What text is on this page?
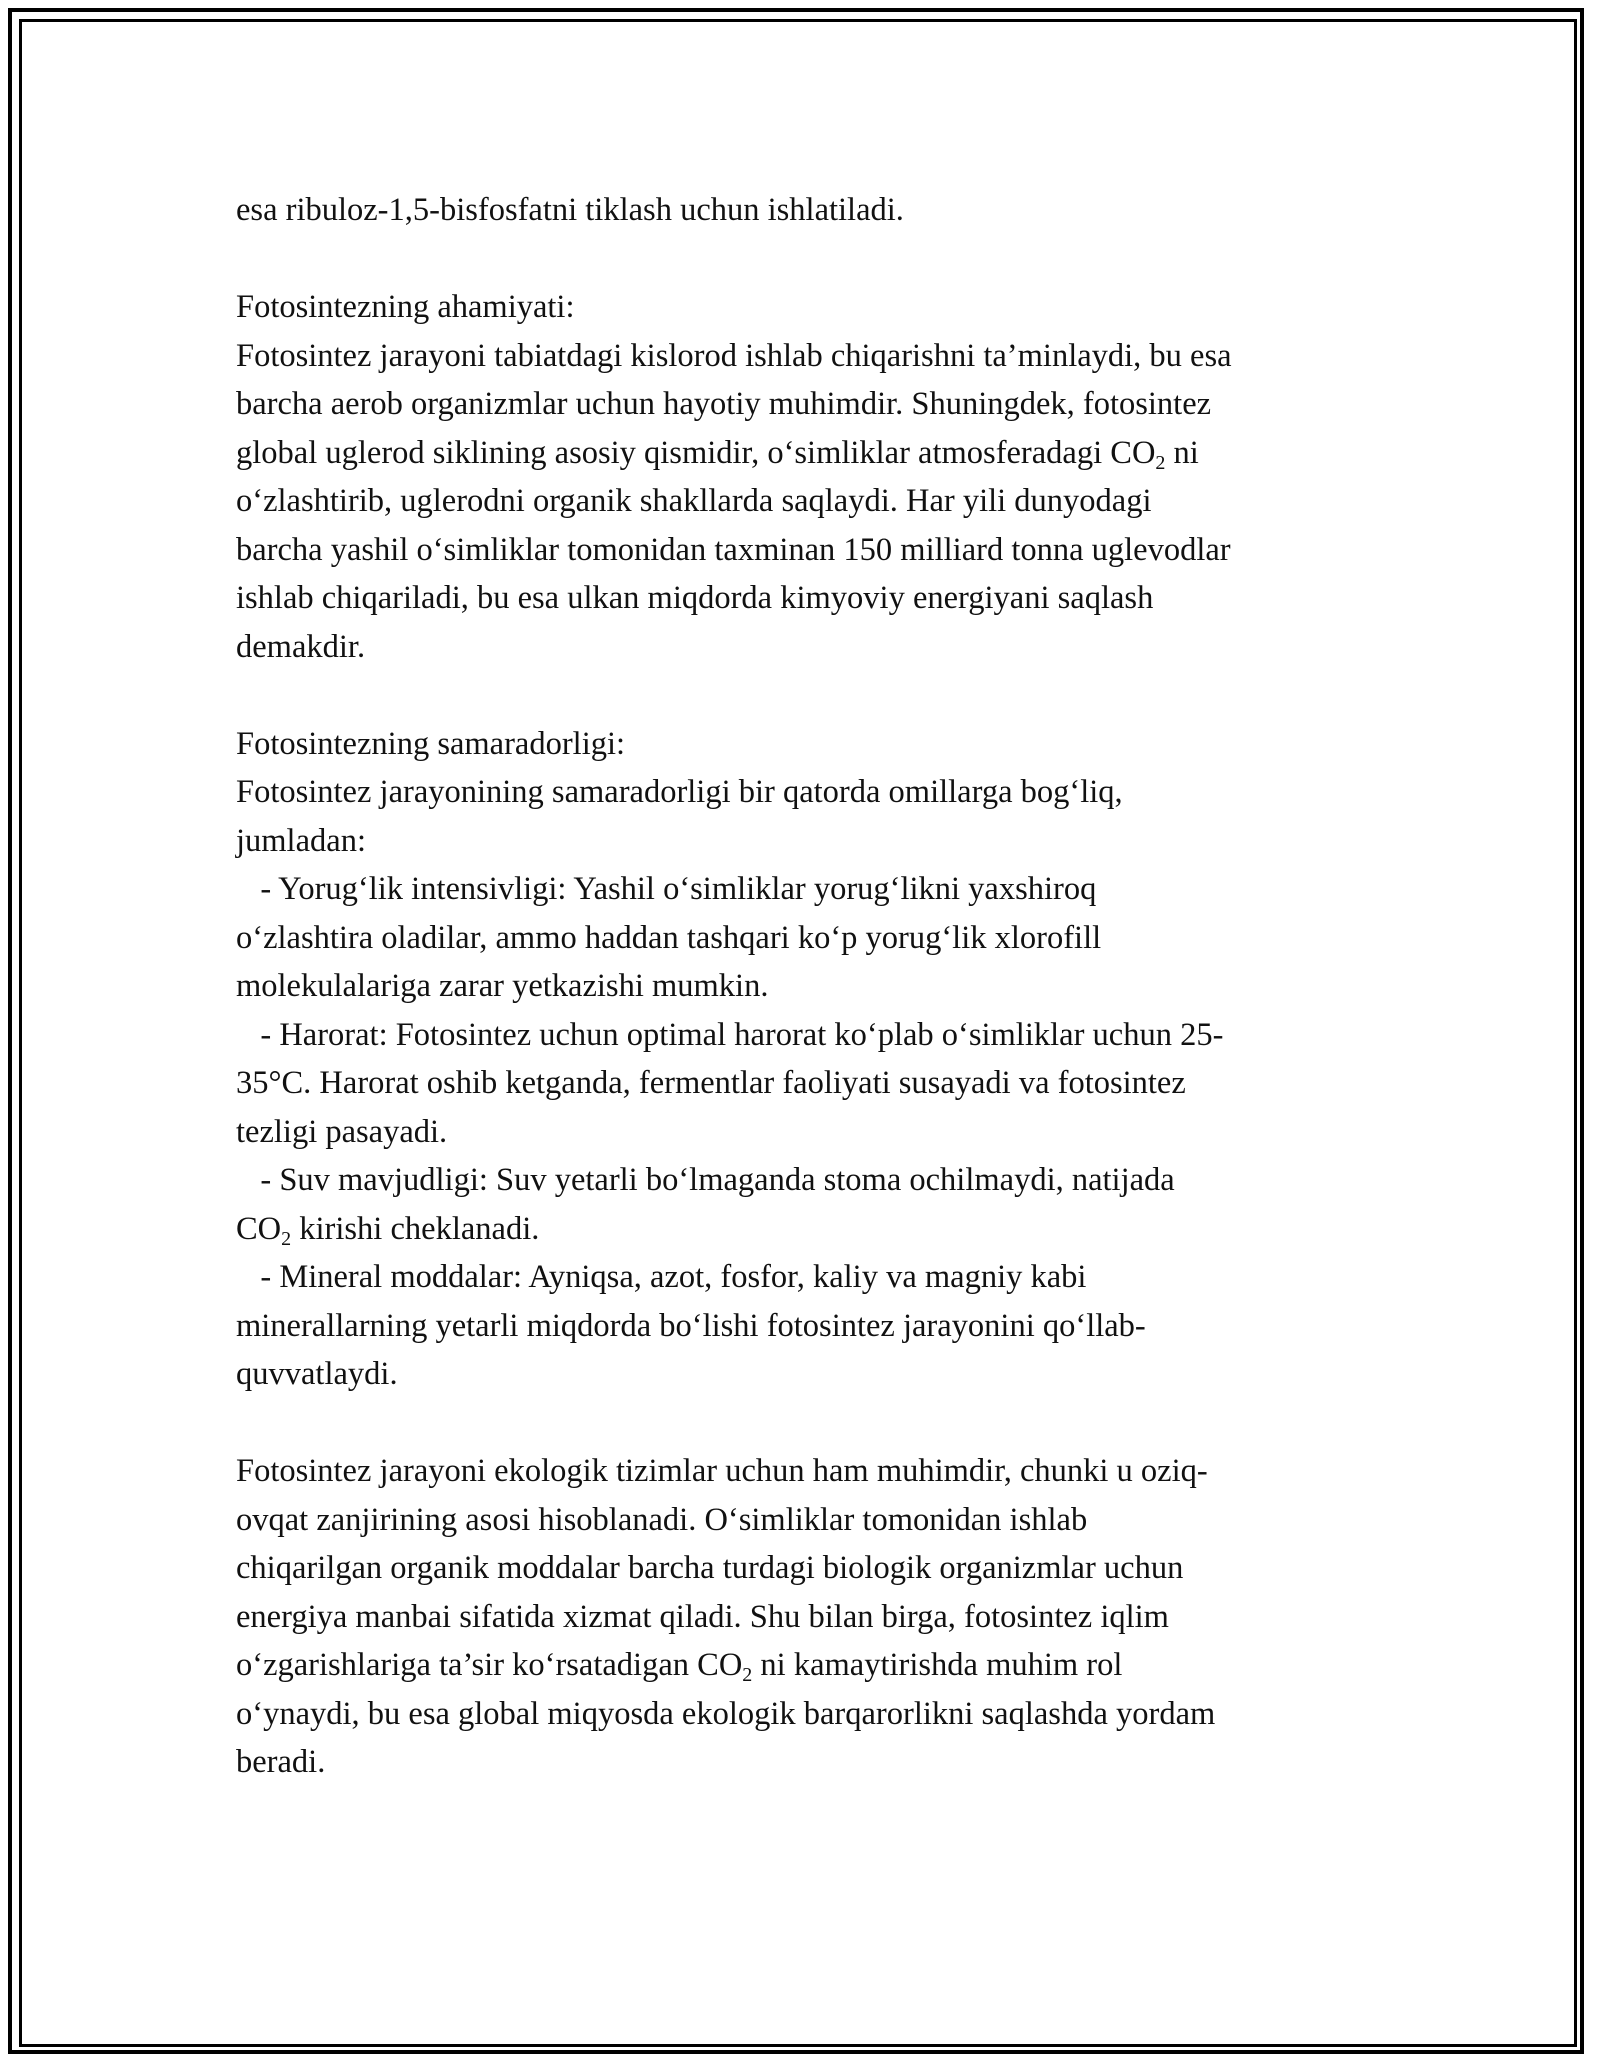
esa ribuloz-1,5-bisfosfatni tiklash uchun ishlatiladi.
Fotosintezning ahamiyati:
Fotosintez jarayoni tabiatdagi kislorod ishlab chiqarishni ta’minlaydi, bu esa
barcha aerob organizmlar uchun hayotiy muhimdir. Shuningdek, fotosintez
global uglerod siklining asosiy qismidir, o‘simliklar atmosferadagi $CO_2$ ni
o‘zlashtirib, uglerodni organik shakllarda saqlaydi. Har yili dunyodagi
barcha yashil o‘simliklar tomonidan taxminan 150 milliard tonna uglevodlar
ishlab chiqariladi, bu esa ulkan miqdorda kimyoviy energiyani saqlash
demakdir.
Fotosintezning samaradorligi:
Fotosintez jarayonining samaradorligi bir qatorda omillarga bog‘liq,
jumladan:
- Yorug‘lik intensivligi: Yashil o‘simliklar yorug‘likni yaxshiroq
o‘zlashtira oladilar, ammo haddan tashqari ko‘p yorug‘lik xlorofill
molekulalariga zarar yetkazishi mumkin.
- Harorat: Fotosintez uchun optimal harorat ko‘plab o‘simliklar uchun 25-
35°C. Harorat oshib ketganda, fermentlar faoliyati susayadi va fotosintez
tezligi pasayadi.
- Suv mavjudligi: Suv yetarli bo‘lmaganda stoma ochilmaydi, natijada
$CO_2$ kirishi cheklanadi.
- Mineral moddalar: Ayniqsa, azot, fosfor, kaliy va magniy kabi
minerallarning yetarli miqdorda bo‘lishi fotosintez jarayonini qo‘llab-
quvvatlaydi.
Fotosintez jarayoni ekologik tizimlar uchun ham muhimdir, chunki u oziq-
ovqat zanjirining asosi hisoblanadi. O‘simliklar tomonidan ishlab
chiqarilgan organik moddalar barcha turdagi biologik organizmlar uchun
energiya manbai sifatida xizmat qiladi. Shu bilan birga, fotosintez iqlim
o‘zgarishlariga ta’sir ko‘rsatadigan $CO_2$ ni kamaytirishda muhim rol
o‘ynaydi, bu esa global miqyosda ekologik barqarorlikni saqlashda yordam
beradi.
